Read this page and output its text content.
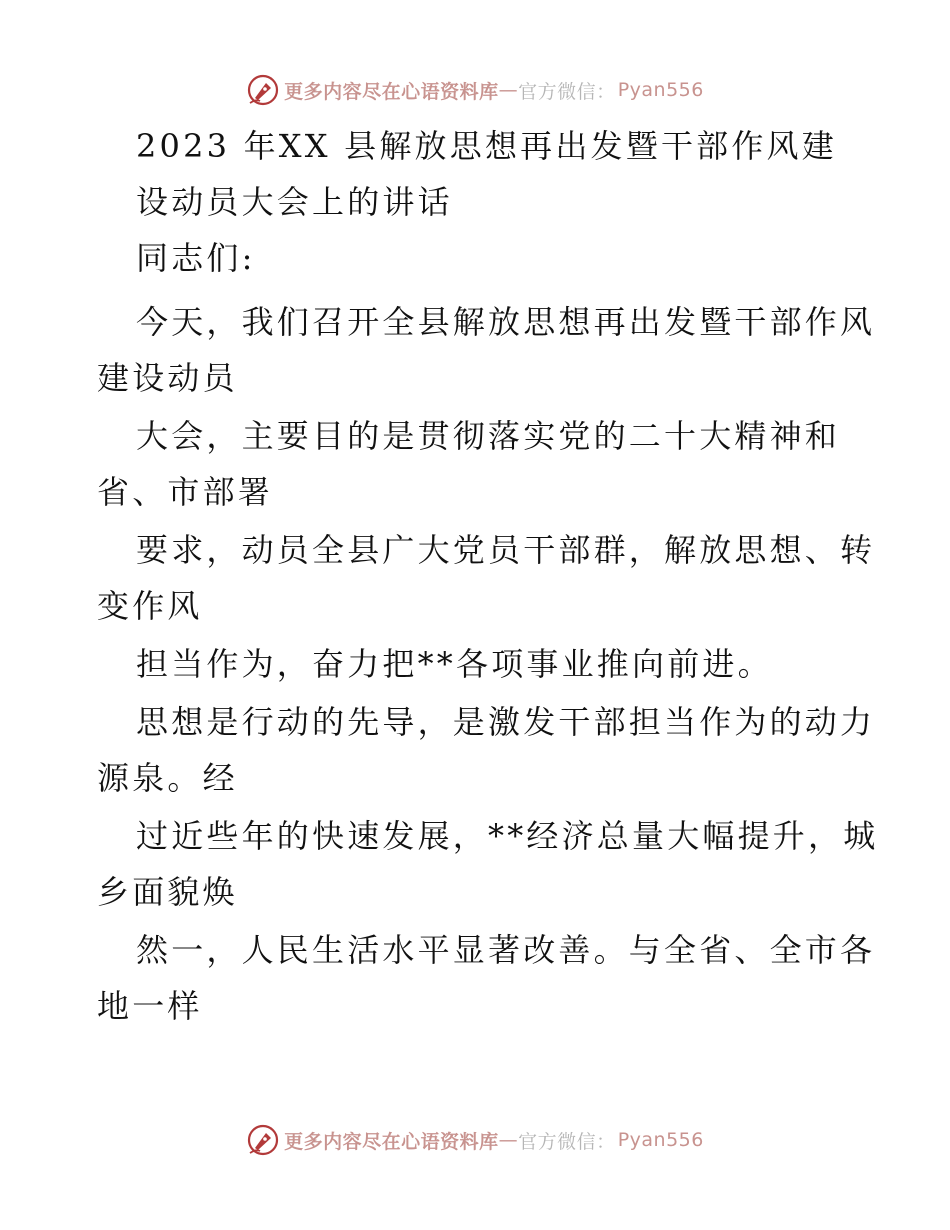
更多内容尽在心语资料库 — 官方微信： Pyan556
2023 年XX 县解放思想再出发暨干部作风建
设动员大会上的讲话
同志们:
今天，我们召开全县解放思想再出发暨干部作风
建设动员
大会，主要目的是贯彻落实党的二十大精神和
省、市部署
要求，动员全县广大党员干部群，解放思想、转
变作风
担当作为，奋力把**各项事业推向前进。
思想是行动的先导，是激发干部担当作为的动力
源泉。经
过近些年的快速发展，**经济总量大幅提升，城
乡面貌焕
然一，人民生活水平显著改善。与全省、全市各
地一样
更多内容尽在心语资料库 — 官方微信： Pyan556
